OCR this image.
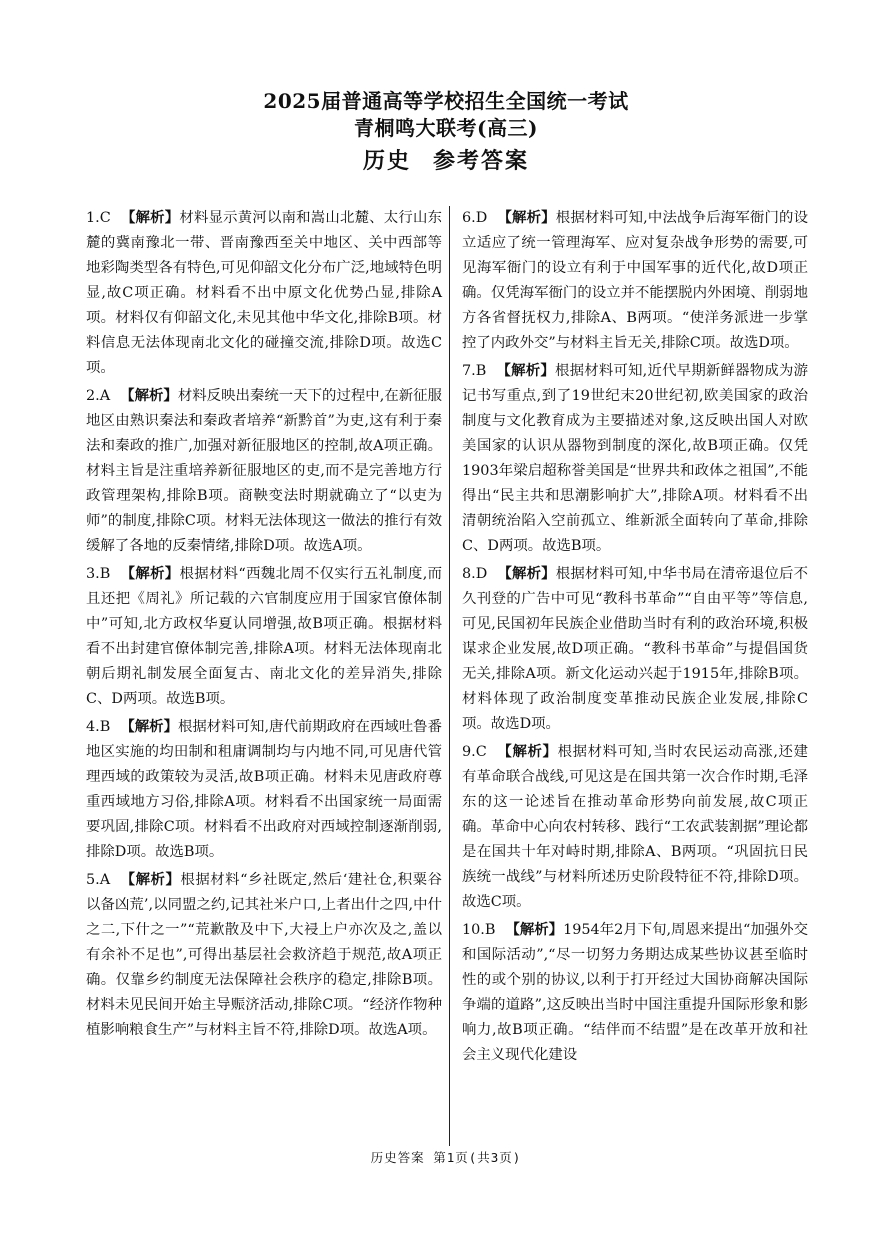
2025届普通高等学校招生全国统一考试
青桐鸣大联考(高三)
历史 参考答案

1.C 【解析】材料显示黄河以南和嵩山北麓、太行山东麓的冀南豫北一带、晋南豫西至关中地区、关中西部等地彩陶类型各有特色,可见仰韶文化分布广泛,地域特色明显,故C项正确。材料看不出中原文化优势凸显,排除A项。材料仅有仰韶文化,未见其他中华文化,排除B项。材料信息无法体现南北文化的碰撞交流,排除D项。故选C项。

2.A 【解析】材料反映出秦统一天下的过程中,在新征服地区由熟识秦法和秦政者培养“新黔首”为吏,这有利于秦法和秦政的推广,加强对新征服地区的控制,故A项正确。材料主旨是注重培养新征服地区的吏,而不是完善地方行政管理架构,排除B项。商鞅变法时期就确立了“以吏为师”的制度,排除C项。材料无法体现这一做法的推行有效缓解了各地的反秦情绪,排除D项。故选A项。

3.B 【解析】根据材料“西魏北周不仅实行五礼制度,而且还把《周礼》所记载的六官制度应用于国家官僚体制中”可知,北方政权华夏认同增强,故B项正确。根据材料看不出封建官僚体制完善,排除A项。材料无法体现南北朝后期礼制发展全面复古、南北文化的差异消失,排除C、D两项。故选B项。

4.B 【解析】根据材料可知,唐代前期政府在西域吐鲁番地区实施的均田制和租庸调制均与内地不同,可见唐代管理西域的政策较为灵活,故B项正确。材料未见唐政府尊重西域地方习俗,排除A项。材料看不出国家统一局面需要巩固,排除C项。材料看不出政府对西域控制逐渐削弱,排除D项。故选B项。

5.A 【解析】根据材料“乡社既定,然后‘建社仓,积粟谷以备凶荒’,以同盟之约,记其社米户口,上者出什之四,中什之二,下什之一”“荒歉散及中下,大祲上户亦次及之,盖以有余补不足也”,可得出基层社会救济趋于规范,故A项正确。仅靠乡约制度无法保障社会秩序的稳定,排除B项。材料未见民间开始主导赈济活动,排除C项。“经济作物种植影响粮食生产”与材料主旨不符,排除D项。故选A项。

6.D 【解析】根据材料可知,中法战争后海军衙门的设立适应了统一管理海军、应对复杂战争形势的需要,可见海军衙门的设立有利于中国军事的近代化,故D项正确。仅凭海军衙门的设立并不能摆脱内外困境、削弱地方各省督抚权力,排除A、B两项。“使洋务派进一步掌控了内政外交”与材料主旨无关,排除C项。故选D项。

7.B 【解析】根据材料可知,近代早期新鲜器物成为游记书写重点,到了19世纪末20世纪初,欧美国家的政治制度与文化教育成为主要描述对象,这反映出国人对欧美国家的认识从器物到制度的深化,故B项正确。仅凭1903年梁启超称誉美国是“世界共和政体之祖国”,不能得出“民主共和思潮影响扩大”,排除A项。材料看不出清朝统治陷入空前孤立、维新派全面转向了革命,排除C、D两项。故选B项。

8.D 【解析】根据材料可知,中华书局在清帝退位后不久刊登的广告中可见“教科书革命”“自由平等”等信息,可见,民国初年民族企业借助当时有利的政治环境,积极谋求企业发展,故D项正确。“教科书革命”与提倡国货无关,排除A项。新文化运动兴起于1915年,排除B项。材料体现了政治制度变革推动民族企业发展,排除C项。故选D项。

9.C 【解析】根据材料可知,当时农民运动高涨,还建有革命联合战线,可见这是在国共第一次合作时期,毛泽东的这一论述旨在推动革命形势向前发展,故C项正确。革命中心向农村转移、践行“工农武装割据”理论都是在国共十年对峙时期,排除A、B两项。“巩固抗日民族统一战线”与材料所述历史阶段特征不符,排除D项。故选C项。

10.B 【解析】1954年2月下旬,周恩来提出“加强外交和国际活动”,“尽一切努力务期达成某些协议甚至临时性的或个别的协议,以利于打开经过大国协商解决国际争端的道路”,这反映出当时中国注重提升国际形象和影响力,故B项正确。“结伴而不结盟”是在改革开放和社会主义现代化建设

历史答案 第1页(共3页)
